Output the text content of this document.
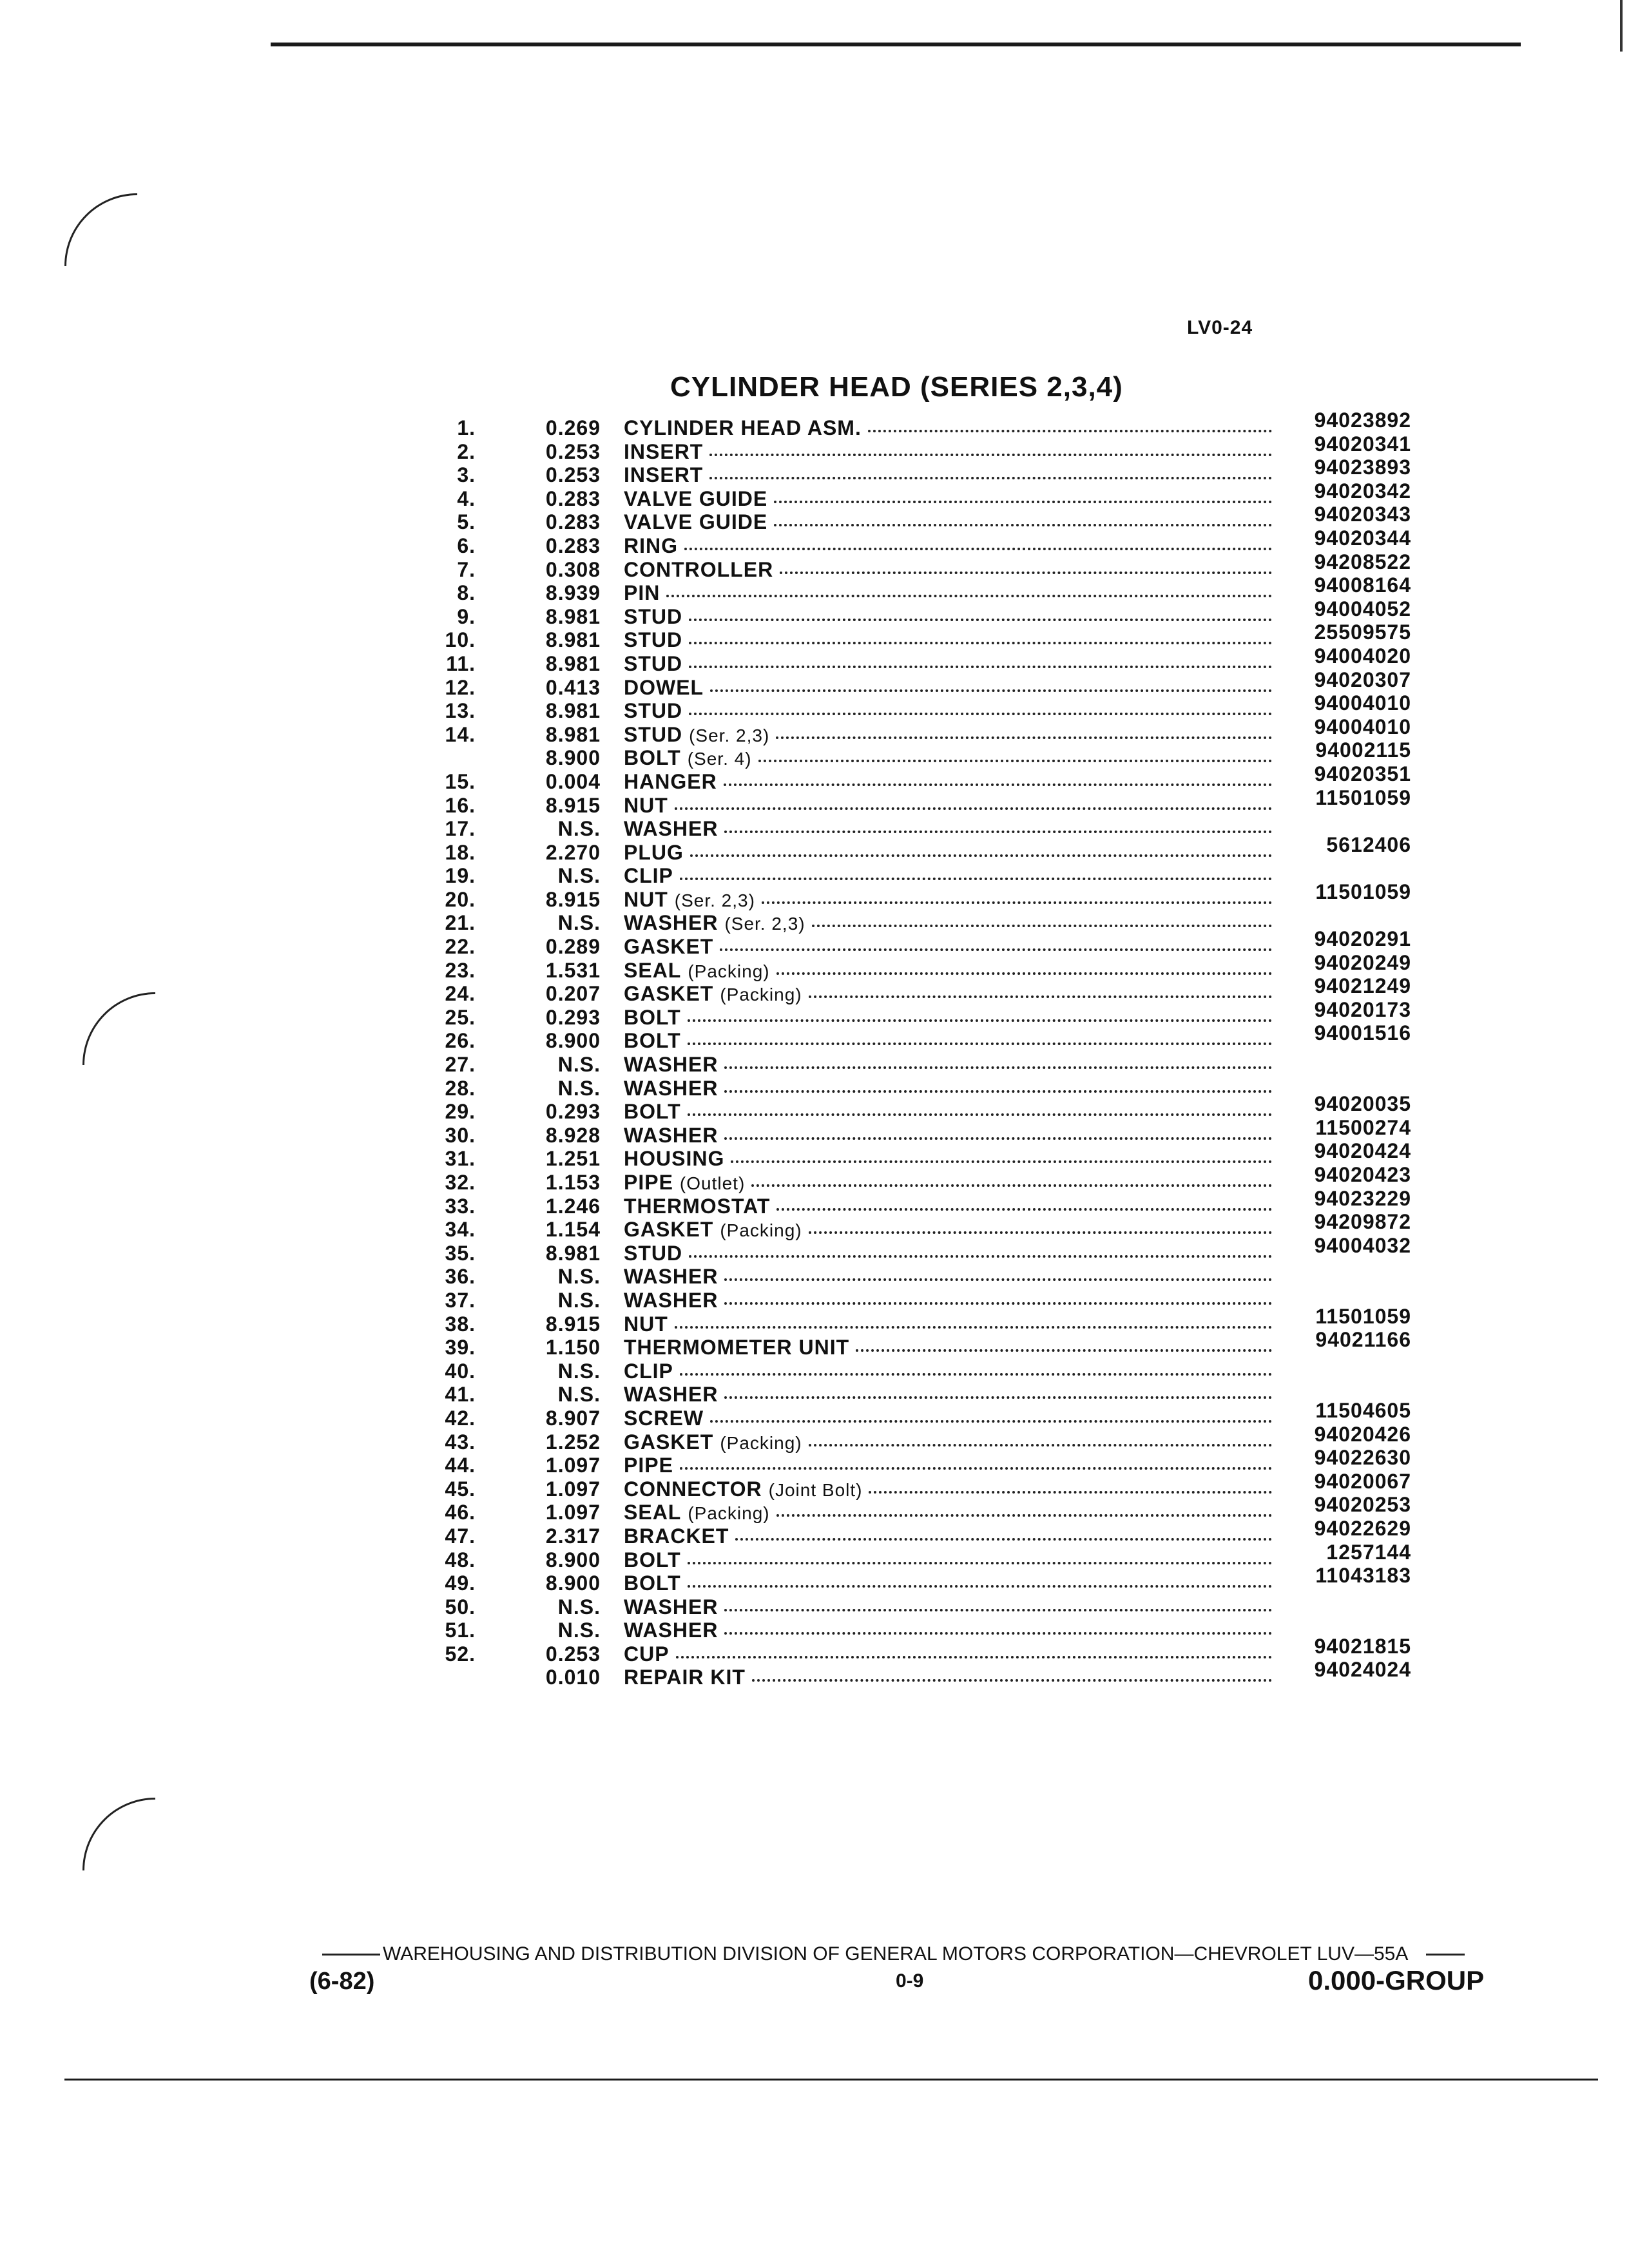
LV0-24
CYLINDER HEAD (SERIES 2,3,4)
1.	0.269	CYLINDER HEAD ASM.	94023892
2.	0.253	INSERT	94020341
3.	0.253	INSERT	94023893
4.	0.283	VALVE GUIDE	94020342
5.	0.283	VALVE GUIDE	94020343
6.	0.283	RING	94020344
7.	0.308	CONTROLLER	94208522
8.	8.939	PIN	94008164
9.	8.981	STUD	94004052
10.	8.981	STUD	25509575
11.	8.981	STUD	94004020
12.	0.413	DOWEL	94020307
13.	8.981	STUD	94004010
14.	8.981	STUD (Ser. 2,3)	94004010
8.900	BOLT (Ser. 4)	94002115
15.	0.004	HANGER	94020351
16.	8.915	NUT	11501059
17.	N.S.	WASHER
18.	2.270	PLUG	5612406
19.	N.S.	CLIP
20.	8.915	NUT (Ser. 2,3)	11501059
21.	N.S.	WASHER (Ser. 2,3)
22.	0.289	GASKET	94020291
23.	1.531	SEAL (Packing)	94020249
24.	0.207	GASKET (Packing)	94021249
25.	0.293	BOLT	94020173
26.	8.900	BOLT	94001516
27.	N.S.	WASHER
28.	N.S.	WASHER
29.	0.293	BOLT	94020035
30.	8.928	WASHER	11500274
31.	1.251	HOUSING	94020424
32.	1.153	PIPE (Outlet)	94020423
33.	1.246	THERMOSTAT	94023229
34.	1.154	GASKET (Packing)	94209872
35.	8.981	STUD	94004032
36.	N.S.	WASHER
37.	N.S.	WASHER
38.	8.915	NUT	11501059
39.	1.150	THERMOMETER UNIT	94021166
40.	N.S.	CLIP
41.	N.S.	WASHER
42.	8.907	SCREW	11504605
43.	1.252	GASKET (Packing)	94020426
44.	1.097	PIPE	94022630
45.	1.097	CONNECTOR (Joint Bolt)	94020067
46.	1.097	SEAL (Packing)	94020253
47.	2.317	BRACKET	94022629
48.	8.900	BOLT	1257144
49.	8.900	BOLT	11043183
50.	N.S.	WASHER
51.	N.S.	WASHER
52.	0.253	CUP	94021815
0.010	REPAIR KIT	94024024
WAREHOUSING AND DISTRIBUTION DIVISION OF GENERAL MOTORS CORPORATION—CHEVROLET LUV—55A
(6-82)	0-9	0.000-GROUP
